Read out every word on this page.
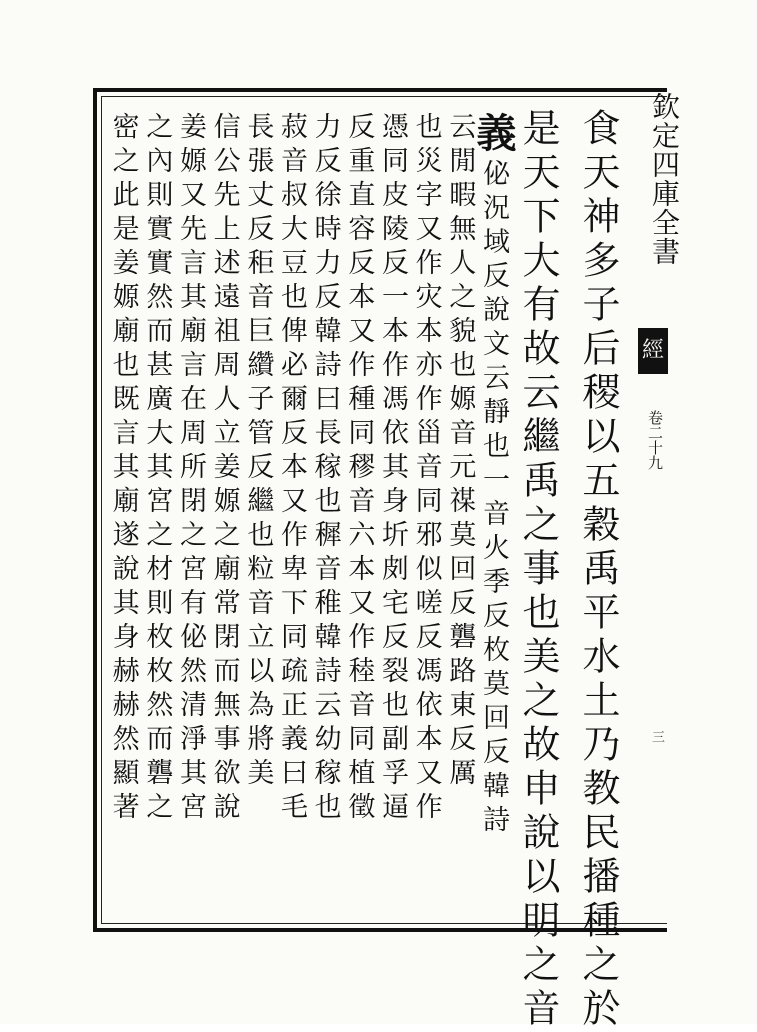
欽定四庫全書
經
卷二十九
三
食天神多子后稷以五穀禹平水土乃教民播種之於
是天下大有故云繼禹之事也美之故申說以明之音
義佖況域反說文云靜也一音火季反枚莫回反韓詩
云閒暇無人之貌也嫄音元禖莫回反礱路東反厲
也災字又作灾本亦作甾音同邪似嗟反馮依本又作
憑同皮陵反一本作馮依其身圻㓟宅反裂也副孚逼
反重直容反本又作種同穋音六本又作稑音同植徵
力反徐時力反韓詩曰長稼也穉音稚韓詩云幼稼也
菽音叔大豆也俾必爾反本又作卑下同疏正義曰毛
長張丈反秬音巨纘子管反繼也粒音立以為將美
信公先上述遠祖周人立姜嫄之廟常閉而無事欲說
姜嫄又先言其廟言在周所閉之宮有佖然清淨其宮
之內則實實然而甚廣大其宮之材則枚枚然而礱之
密之此是姜嫄廟也既言其廟遂說其身赫赫然顯著
